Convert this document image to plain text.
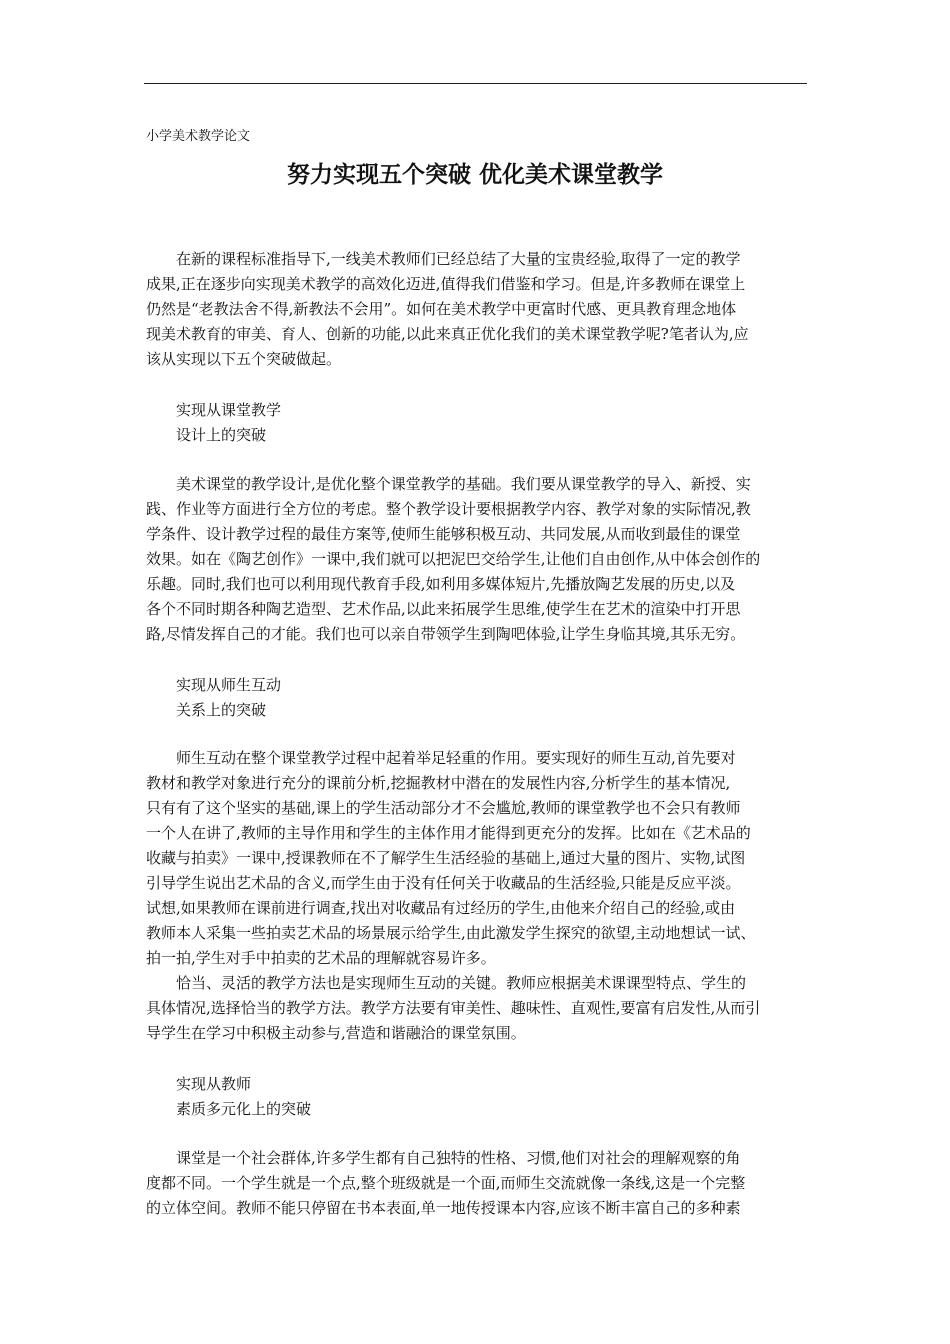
小学美术教学论文
努力实现五个突破 优化美术课堂教学
　　在新的课程标准指导下,一线美术教师们已经总结了大量的宝贵经验,取得了一定的教学
成果,正在逐步向实现美术教学的高效化迈进,值得我们借鉴和学习。但是,许多教师在课堂上
仍然是“老教法舍不得,新教法不会用”。如何在美术教学中更富时代感、更具教育理念地体
现美术教育的审美、育人、创新的功能,以此来真正优化我们的美术课堂教学呢?笔者认为,应
该从实现以下五个突破做起。
　　实现从课堂教学
　　设计上的突破
　　美术课堂的教学设计,是优化整个课堂教学的基础。我们要从课堂教学的导入、新授、实
践、作业等方面进行全方位的考虑。整个教学设计要根据教学内容、教学对象的实际情况,教
学条件、设计教学过程的最佳方案等,使师生能够积极互动、共同发展,从而收到最佳的课堂
效果。如在《陶艺创作》一课中,我们就可以把泥巴交给学生,让他们自由创作,从中体会创作的
乐趣。同时,我们也可以利用现代教育手段,如利用多媒体短片,先播放陶艺发展的历史,以及
各个不同时期各种陶艺造型、艺术作品,以此来拓展学生思维,使学生在艺术的渲染中打开思
路,尽情发挥自己的才能。我们也可以亲自带领学生到陶吧体验,让学生身临其境,其乐无穷。
　　实现从师生互动
　　关系上的突破
　　师生互动在整个课堂教学过程中起着举足轻重的作用。要实现好的师生互动,首先要对
教材和教学对象进行充分的课前分析,挖掘教材中潜在的发展性内容,分析学生的基本情况,
只有有了这个坚实的基础,课上的学生活动部分才不会尴尬,教师的课堂教学也不会只有教师
一个人在讲了,教师的主导作用和学生的主体作用才能得到更充分的发挥。比如在《艺术品的
收藏与拍卖》一课中,授课教师在不了解学生生活经验的基础上,通过大量的图片、实物,试图
引导学生说出艺术品的含义,而学生由于没有任何关于收藏品的生活经验,只能是反应平淡。
试想,如果教师在课前进行调查,找出对收藏品有过经历的学生,由他来介绍自己的经验,或由
教师本人采集一些拍卖艺术品的场景展示给学生,由此激发学生探究的欲望,主动地想试一试、
拍一拍,学生对手中拍卖的艺术品的理解就容易许多。
　　恰当、灵活的教学方法也是实现师生互动的关键。教师应根据美术课课型特点、学生的
具体情况,选择恰当的教学方法。教学方法要有审美性、趣味性、直观性,要富有启发性,从而引
导学生在学习中积极主动参与,营造和谐融洽的课堂氛围。
　　实现从教师
　　素质多元化上的突破
　　课堂是一个社会群体,许多学生都有自己独特的性格、习惯,他们对社会的理解观察的角
度都不同。一个学生就是一个点,整个班级就是一个面,而师生交流就像一条线,这是一个完整
的立体空间。教师不能只停留在书本表面,单一地传授课本内容,应该不断丰富自己的多种素
